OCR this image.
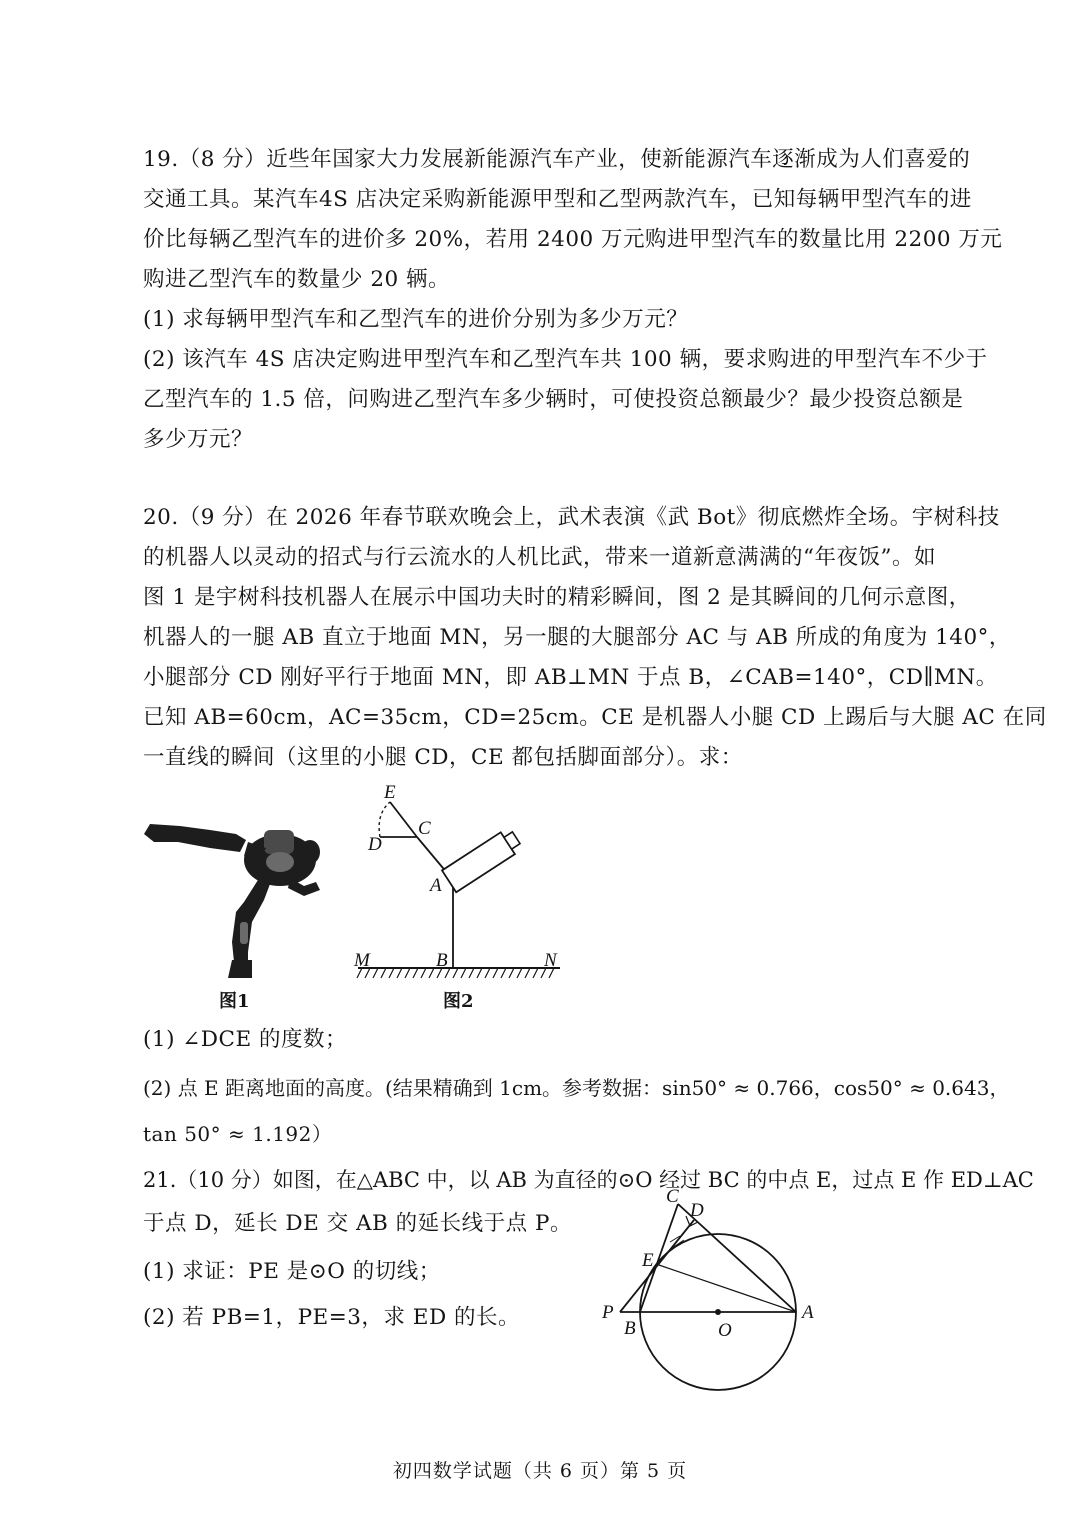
19.（8 分）近些年国家大力发展新能源汽车产业，使新能源汽车逐渐成为人们喜爱的
交通工具。某汽车4S 店决定采购新能源甲型和乙型两款汽车，已知每辆甲型汽车的进
价比每辆乙型汽车的进价多 20%，若用 2400 万元购进甲型汽车的数量比用 2200 万元
购进乙型汽车的数量少 20 辆。
(1) 求每辆甲型汽车和乙型汽车的进价分别为多少万元？
(2) 该汽车 4S 店决定购进甲型汽车和乙型汽车共 100 辆，要求购进的甲型汽车不少于
乙型汽车的 1.5 倍，问购进乙型汽车多少辆时，可使投资总额最少？最少投资总额是
多少万元？
20.（9 分）在 2026 年春节联欢晚会上，武术表演《武 Bot》彻底燃炸全场。宇树科技
的机器人以灵动的招式与行云流水的人机比武，带来一道新意满满的“年夜饭”。如
图 1 是宇树科技机器人在展示中国功夫时的精彩瞬间，图 2 是其瞬间的几何示意图，
机器人的一腿 AB 直立于地面 MN，另一腿的大腿部分 AC 与 AB 所成的角度为 140°，
小腿部分 CD 刚好平行于地面 MN，即 AB⊥MN 于点 B，∠CAB=140°，CD∥MN。
已知 AB=60cm，AC=35cm，CD=25cm。CE 是机器人小腿 CD 上踢后与大腿 AC 在同
一直线的瞬间（这里的小腿 CD，CE 都包括脚面部分）。求：
图1
E
C
D
A
M	B	N
图2
(1) ∠DCE 的度数；
(2) 点 E 距离地面的高度。(结果精确到 1cm。参考数据：sin50° ≈ 0.766，cos50° ≈ 0.643，
tan 50° ≈ 1.192）
21.（10 分）如图，在△ABC 中，以 AB 为直径的⊙O 经过 BC 的中点 E，过点 E 作 ED⊥AC
于点 D，延长 DE 交 AB 的延长线于点 P。
(1) 求证：PE 是⊙O 的切线；
(2) 若 PB=1，PE=3，求 ED 的长。
C
D
E
P
B	O
A
初四数学试题（共 6 页）第 5 页
